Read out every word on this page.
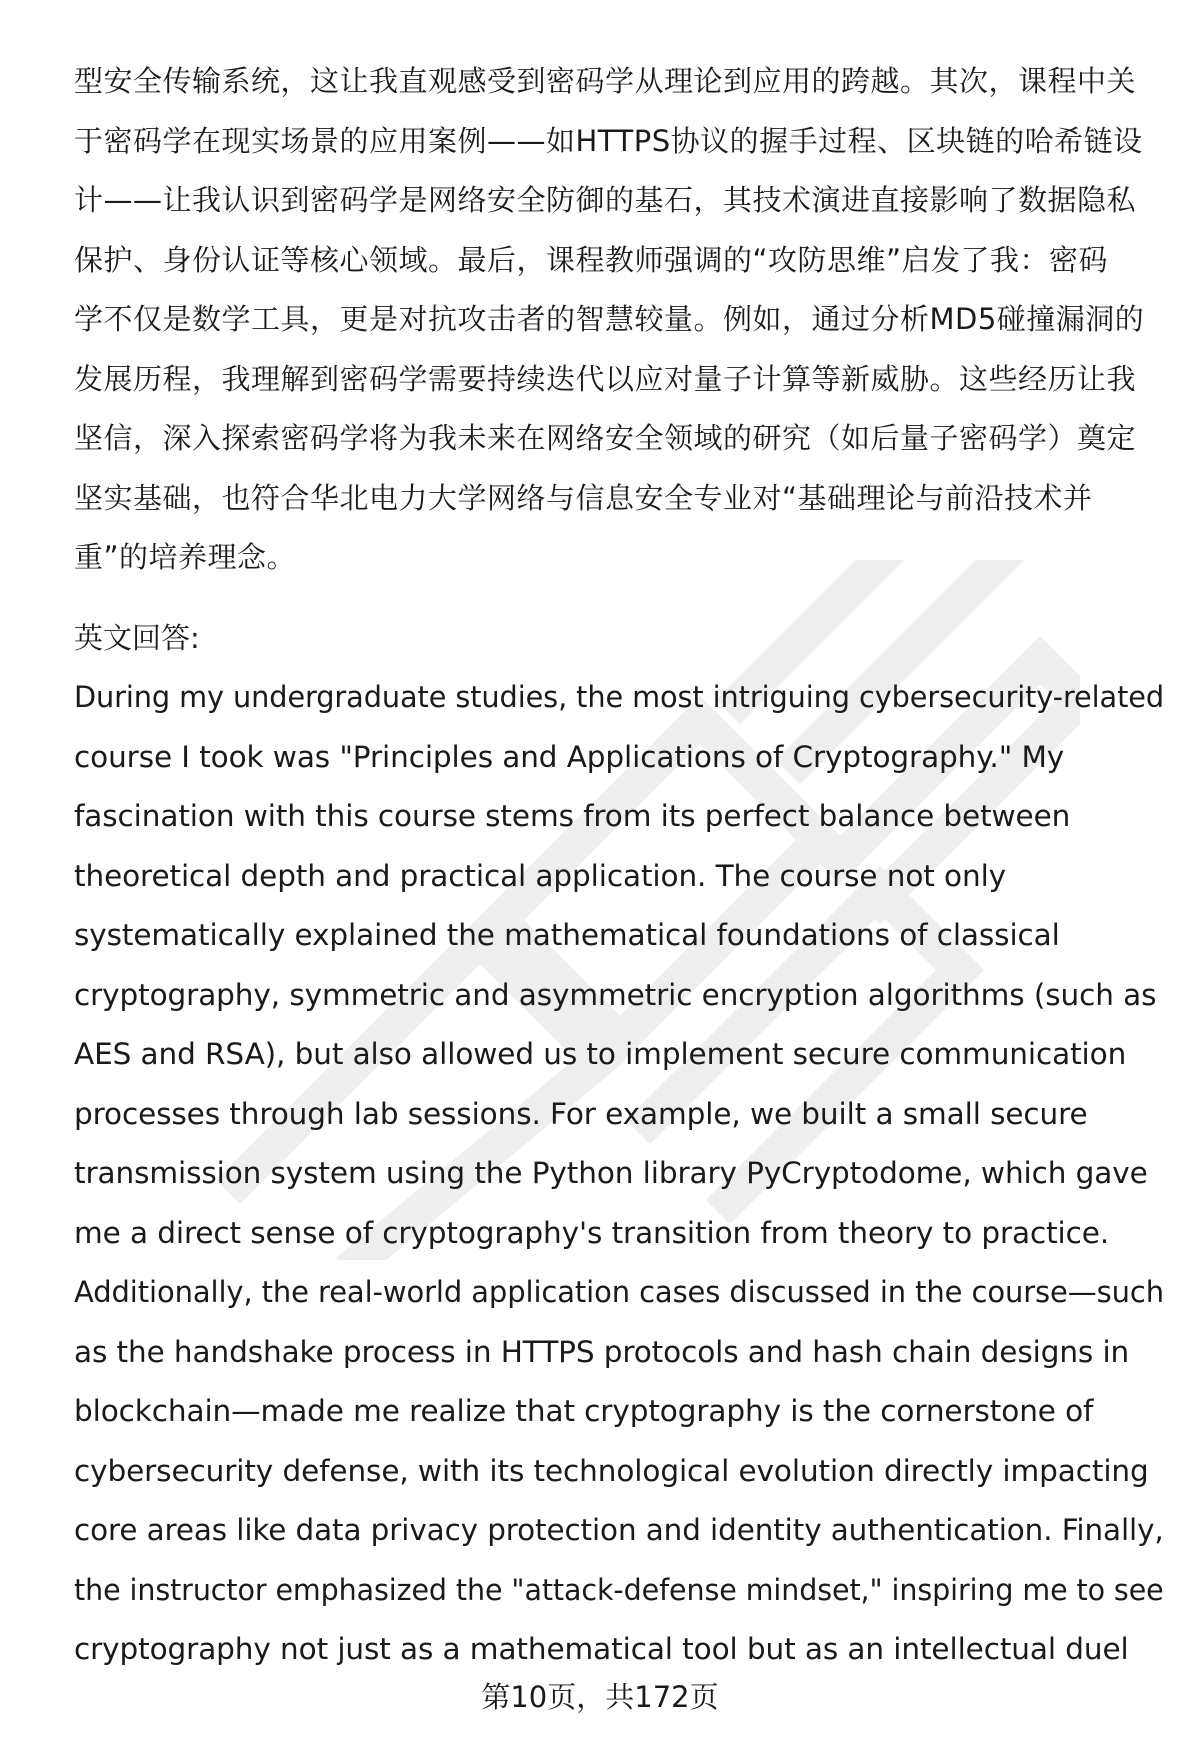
型安全传输系统，这让我直观感受到密码学从理论到应用的跨越。其次，课程中关

于密码学在现实场景的应用案例——如HTTPS协议的握手过程、区块链的哈希链设

计——让我认识到密码学是网络安全防御的基石，其技术演进直接影响了数据隐私

保护、身份认证等核心领域。最后，课程教师强调的“攻防思维”启发了我：密码

学不仅是数学工具，更是对抗攻击者的智慧较量。例如，通过分析MD5碰撞漏洞的

发展历程，我理解到密码学需要持续迭代以应对量子计算等新威胁。这些经历让我

坚信，深入探索密码学将为我未来在网络安全领域的研究（如后量子密码学）奠定

坚实基础，也符合华北电力大学网络与信息安全专业对“基础理论与前沿技术并

重”的培养理念。

英文回答:

During my undergraduate studies, the most intriguing cybersecurity-related

course I took was "Principles and Applications of Cryptography." My

fascination with this course stems from its perfect balance between

theoretical depth and practical application. The course not only

systematically explained the mathematical foundations of classical

cryptography, symmetric and asymmetric encryption algorithms (such as

AES and RSA), but also allowed us to implement secure communication

processes through lab sessions. For example, we built a small secure

transmission system using the Python library PyCryptodome, which gave

me a direct sense of cryptography's transition from theory to practice.

Additionally, the real-world application cases discussed in the course—such

as the handshake process in HTTPS protocols and hash chain designs in

blockchain—made me realize that cryptography is the cornerstone of

cybersecurity defense, with its technological evolution directly impacting

core areas like data privacy protection and identity authentication. Finally,

the instructor emphasized the "attack-defense mindset," inspiring me to see

cryptography not just as a mathematical tool but as an intellectual duel

第10页，共172页
